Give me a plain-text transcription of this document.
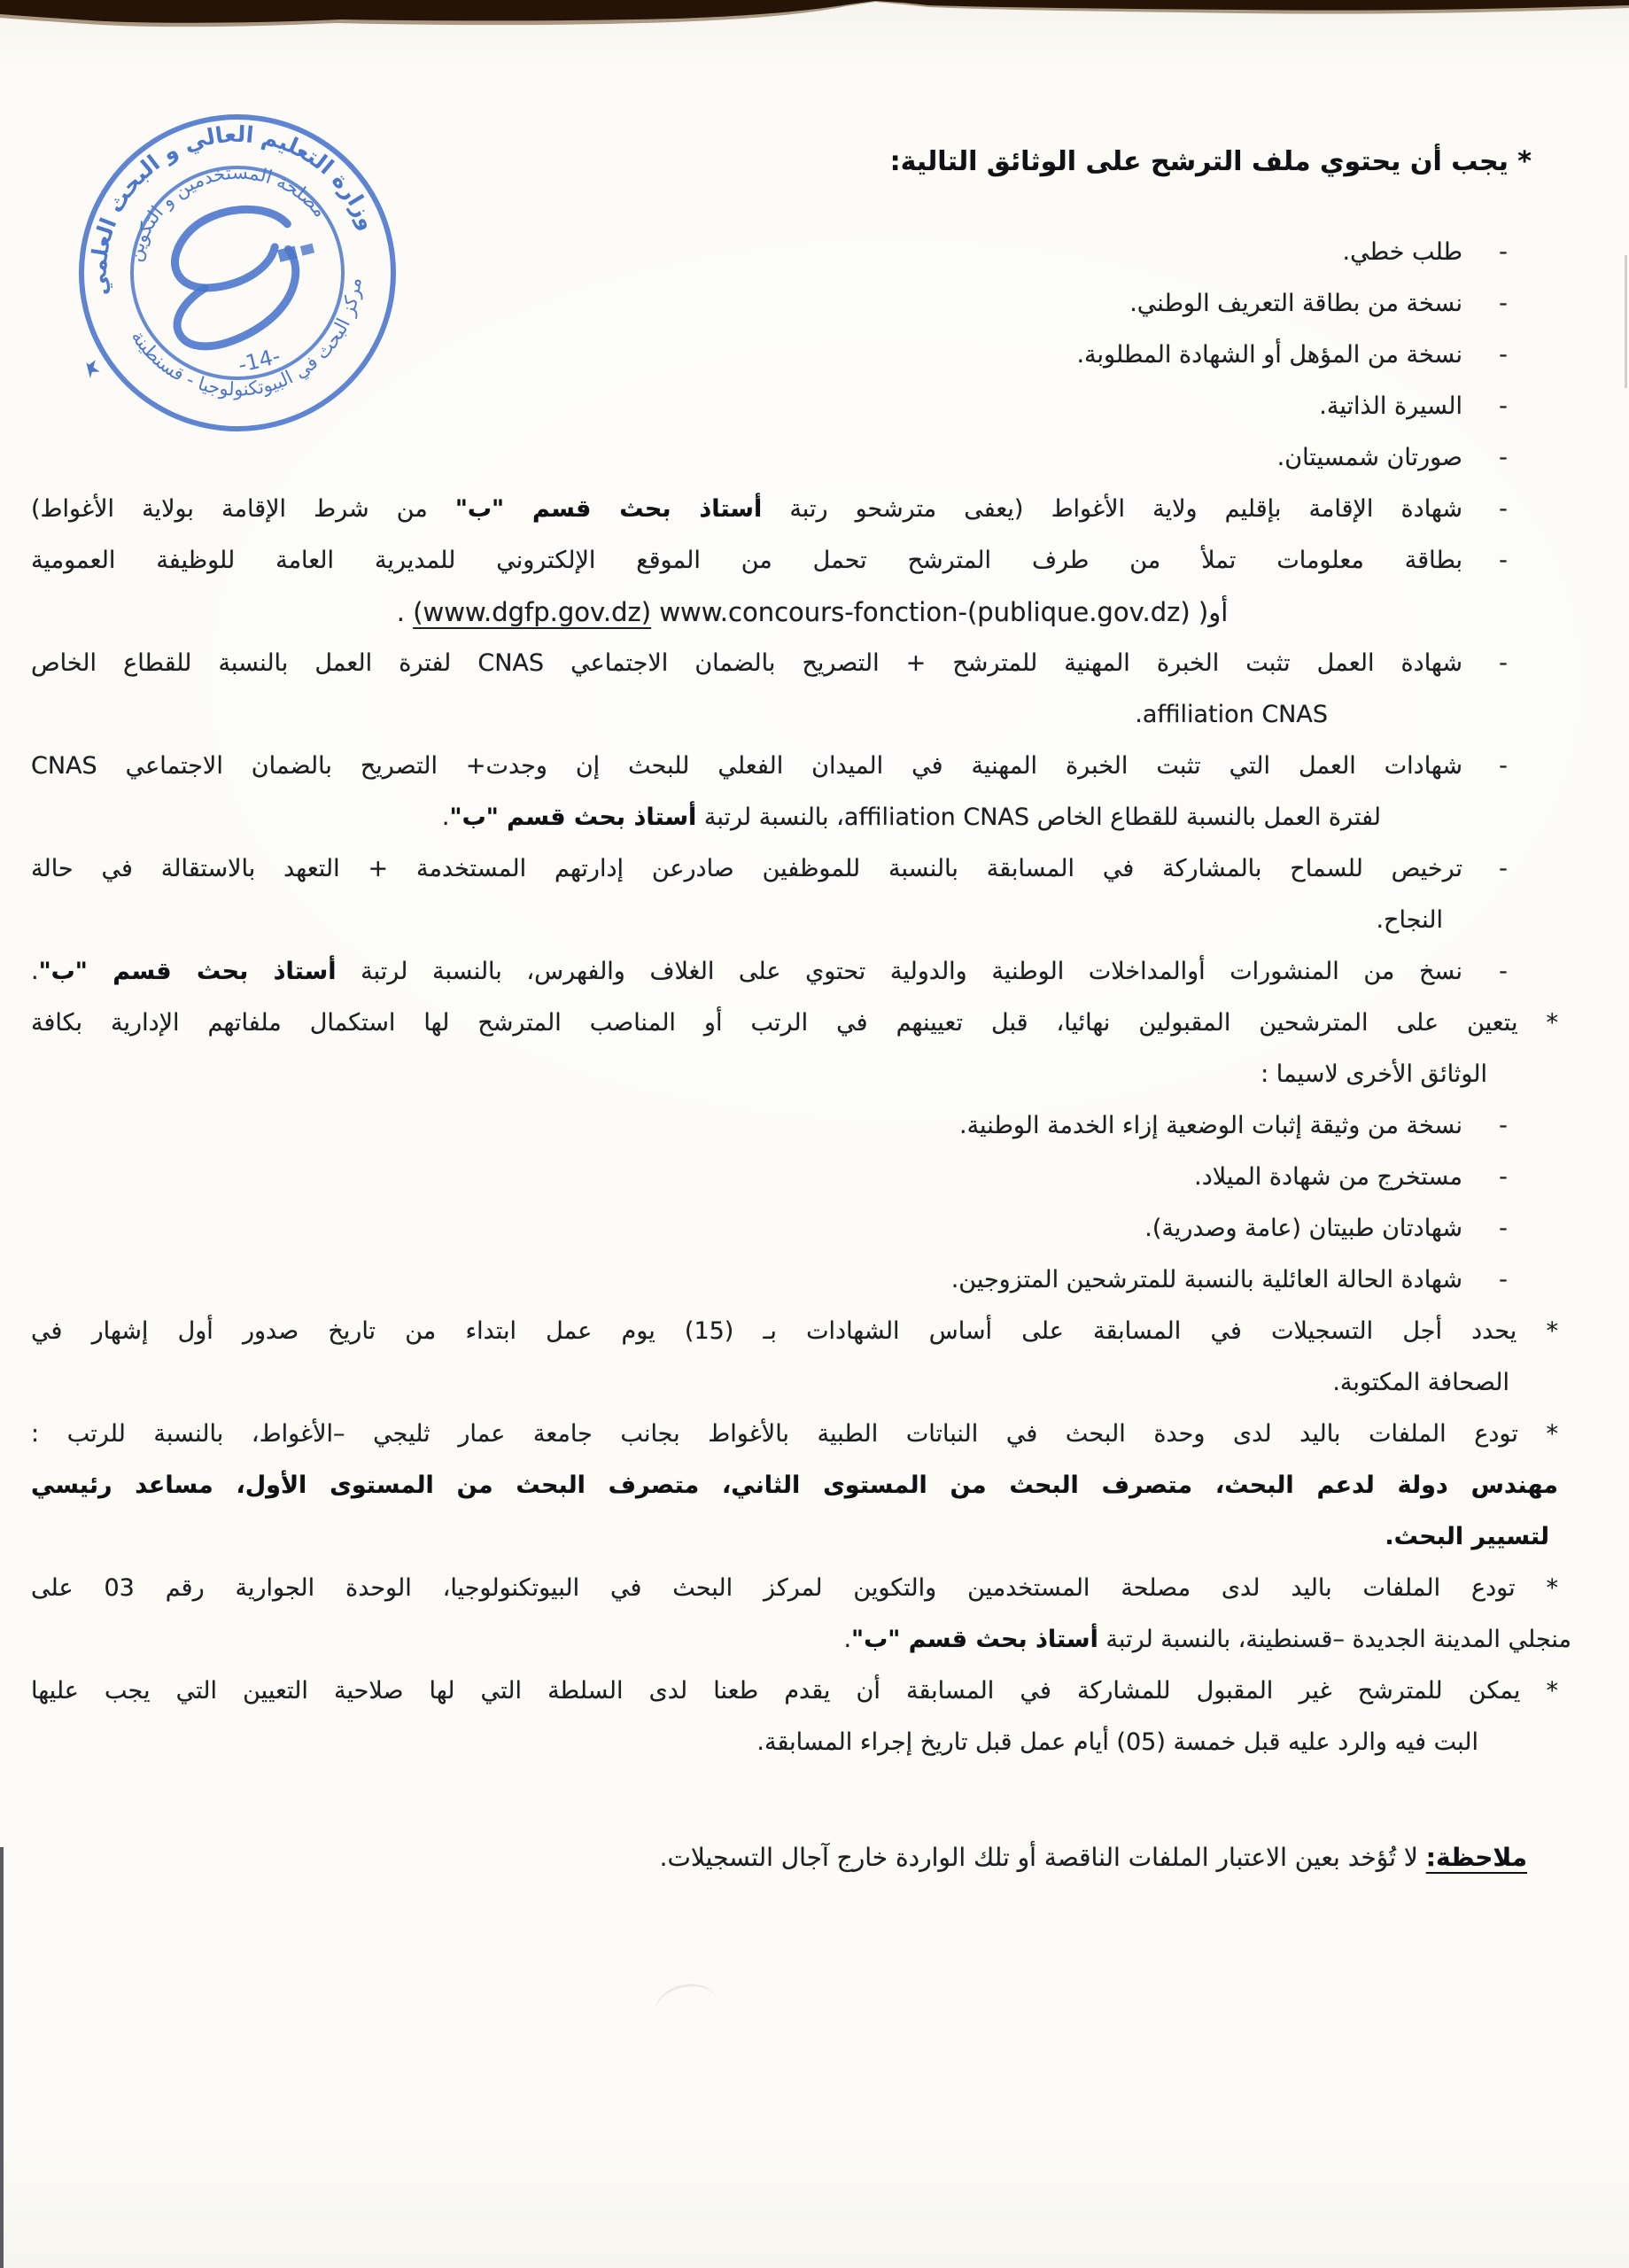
★	-14-
وزارة التعليم العالي و البحث العلمي
مركز البحث في البيوتكنولوجيا - قسنطينة
مصلحة المستخدمين و التكوين
* يجب أن يحتوي ملف الترشح على الوثائق التالية:
-
طلب خطي.
-
نسخة من بطاقة التعريف الوطني.
-
نسخة من المؤهل أو الشهادة المطلوبة.
-
السيرة الذاتية.
-
صورتان شمسيتان.
-
شهادة الإقامة بإقليم ولاية الأغواط (يعفى مترشحو رتبة أستاذ بحث قسم "ب" من شرط الإقامة بولاية الأغواط)
-
بطاقة معلومات تملأ من طرف المترشح تحمل من الموقع الإلكتروني للمديرية العامة للوظيفة العمومية
. (www.dgfp.gov.dz) أوwww.concours-fonction-(publique.gov.dz) )
-
شهادة العمل تثبت الخبرة المهنية للمترشح + التصريح بالضمان الاجتماعي CNAS لفترة العمل بالنسبة للقطاع الخاص
affiliation CNAS.
-
شهادات العمل التي تثبت الخبرة المهنية في الميدان الفعلي للبحث إن وجدت+ التصريح بالضمان الاجتماعي CNAS
لفترة العمل بالنسبة للقطاع الخاص affiliation CNAS، بالنسبة لرتبة أستاذ بحث قسم "ب".
-
ترخيص للسماح بالمشاركة في المسابقة بالنسبة للموظفين صادرعن إدارتهم المستخدمة + التعهد بالاستقالة في حالة
النجاح.
-
نسخ من المنشورات أوالمداخلات الوطنية والدولية تحتوي على الغلاف والفهرس، بالنسبة لرتبة أستاذ بحث قسم "ب".
* يتعين على المترشحين المقبولين نهائيا، قبل تعيينهم في الرتب أو المناصب المترشح لها استكمال ملفاتهم الإدارية بكافة
الوثائق الأخرى لاسيما :
-
نسخة من وثيقة إثبات الوضعية إزاء الخدمة الوطنية.
-
مستخرج من شهادة الميلاد.
-
شهادتان طبيتان (عامة وصدرية).
-
شهادة الحالة العائلية بالنسبة للمترشحين المتزوجين.
* يحدد أجل التسجيلات في المسابقة على أساس الشهادات بـ (15) يوم عمل ابتداء من تاريخ صدور أول إشهار في
الصحافة المكتوبة.
* تودع الملفات باليد لدى وحدة البحث في النباتات الطبية بالأغواط بجانب جامعة عمار ثليجي –الأغواط، بالنسبة للرتب :
مهندس دولة لدعم البحث، متصرف البحث من المستوى الثاني، متصرف البحث من المستوى الأول، مساعد رئيسي
لتسيير البحث.
* تودع الملفات باليد لدى مصلحة المستخدمين والتكوين لمركز البحث في البيوتكنولوجيا، الوحدة الجوارية رقم 03 على
منجلي المدينة الجديدة –قسنطينة، بالنسبة لرتبة أستاذ بحث قسم "ب".
* يمكن للمترشح غير المقبول للمشاركة في المسابقة أن يقدم طعنا لدى السلطة التي لها صلاحية التعيين التي يجب عليها
البت فيه والرد عليه قبل خمسة (05) أيام عمل قبل تاريخ إجراء المسابقة.
ملاحظة: لا تُؤخد بعين الاعتبار الملفات الناقصة أو تلك الواردة خارج آجال التسجيلات.
